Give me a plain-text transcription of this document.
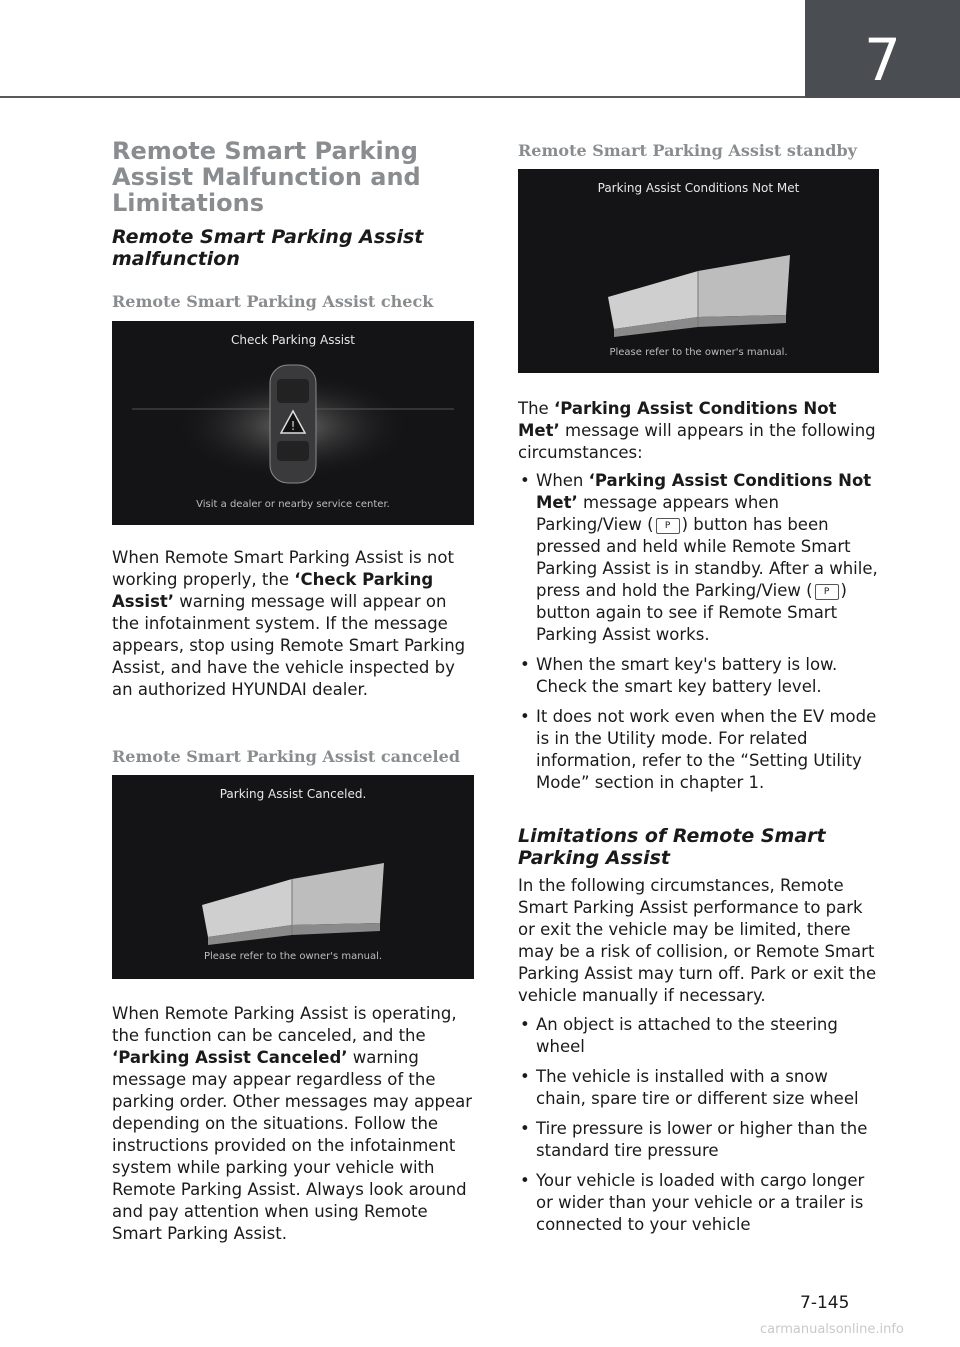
7
Remote Smart Parking Assist Malfunction and Limitations
Remote Smart Parking Assist malfunction
Remote Smart Parking Assist check
Check Parking Assist
!
Visit a dealer or nearby service center.
When Remote Smart Parking Assist is not working properly, the ‘Check Parking Assist’ warning message will appear on the infotainment system. If the message appears, stop using Remote Smart Parking Assist, and have the vehicle inspected by an authorized HYUNDAI dealer.
Remote Smart Parking Assist canceled
Parking Assist Canceled.
Please refer to the owner's manual.
When Remote Parking Assist is operating, the function can be canceled, and the ‘Parking Assist Canceled’ warning message may appear regardless of the parking order. Other messages may appear depending on the situations. Follow the instructions provided on the infotainment system while parking your vehicle with Remote Parking Assist. Always look around and pay attention when using Remote Smart Parking Assist.
Remote Smart Parking Assist standby
Parking Assist Conditions Not Met
Please refer to the owner's manual.
The ‘Parking Assist Conditions Not Met’ message will appears in the following circumstances:
• When ‘Parking Assist Conditions Not Met’ message appears when Parking/View ( P ) button has been pressed and held while Remote Smart Parking Assist is in standby. After a while, press and hold the Parking/View ( P ) button again to see if Remote Smart Parking Assist works.
• When the smart key's battery is low. Check the smart key battery level.
• It does not work even when the EV mode is in the Utility mode. For related information, refer to the “Setting Utility Mode” section in chapter 1.
Limitations of Remote Smart Parking Assist
In the following circumstances, Remote Smart Parking Assist performance to park or exit the vehicle may be limited, there may be a risk of collision, or Remote Smart Parking Assist may turn off. Park or exit the vehicle manually if necessary.
• An object is attached to the steering wheel
• The vehicle is installed with a snow chain, spare tire or different size wheel
• Tire pressure is lower or higher than the standard tire pressure
• Your vehicle is loaded with cargo longer or wider than your vehicle or a trailer is connected to your vehicle
7-145
carmanualsonline.info
